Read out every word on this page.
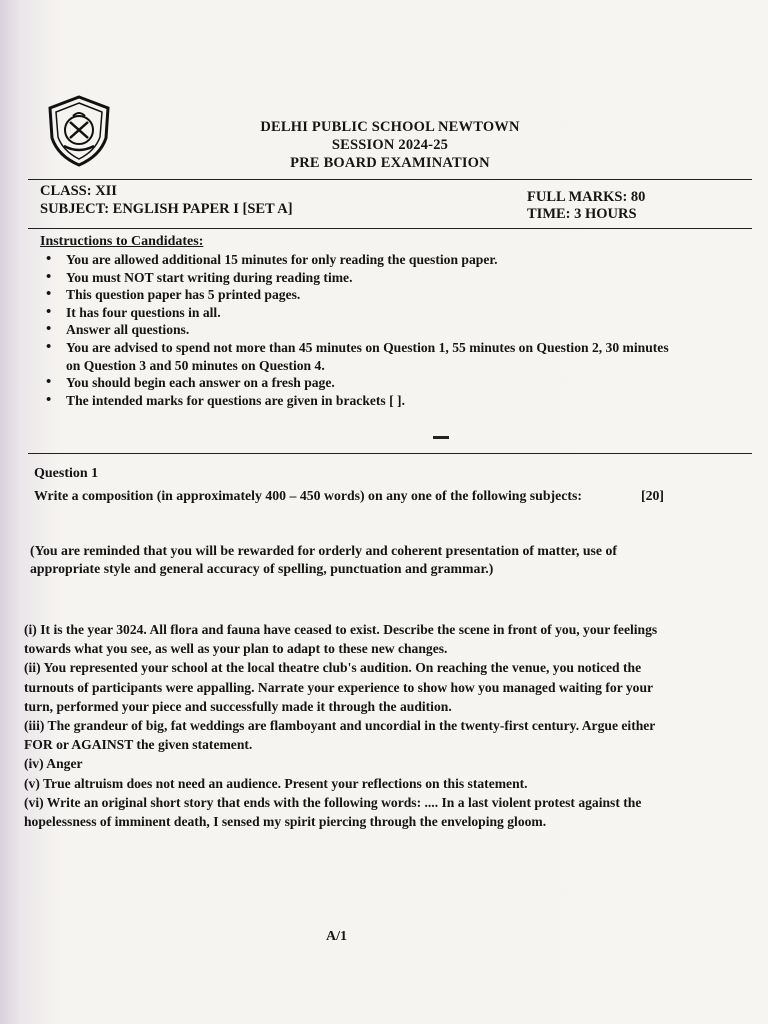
DELHI PUBLIC SCHOOL NEWTOWN
SESSION 2024-25
PRE BOARD EXAMINATION
CLASS: XII
SUBJECT: ENGLISH PAPER I [SET A]
FULL MARKS: 80
TIME: 3 HOURS
Instructions to Candidates:
• You are allowed additional 15 minutes for only reading the question paper.
• You must NOT start writing during reading time.
• This question paper has 5 printed pages.
• It has four questions in all.
• Answer all questions.
• You are advised to spend not more than 45 minutes on Question 1, 55 minutes on Question 2, 30 minutes on Question 3 and 50 minutes on Question 4.
• You should begin each answer on a fresh page.
• The intended marks for questions are given in brackets [ ].
Question 1
Write a composition (in approximately 400 – 450 words) on any one of the following subjects:	[20]
(You are reminded that you will be rewarded for orderly and coherent presentation of matter, use of appropriate style and general accuracy of spelling, punctuation and grammar.)
(i) It is the year 3024. All flora and fauna have ceased to exist. Describe the scene in front of you, your feelings towards what you see, as well as your plan to adapt to these new changes.
(ii) You represented your school at the local theatre club's audition. On reaching the venue, you noticed the turnouts of participants were appalling. Narrate your experience to show how you managed waiting for your turn, performed your piece and successfully made it through the audition.
(iii) The grandeur of big, fat weddings are flamboyant and uncordial in the twenty-first century. Argue either FOR or AGAINST the given statement.
(iv) Anger
(v) True altruism does not need an audience. Present your reflections on this statement.
(vi) Write an original short story that ends with the following words: .... In a last violent protest against the hopelessness of imminent death, I sensed my spirit piercing through the enveloping gloom.
A/1
